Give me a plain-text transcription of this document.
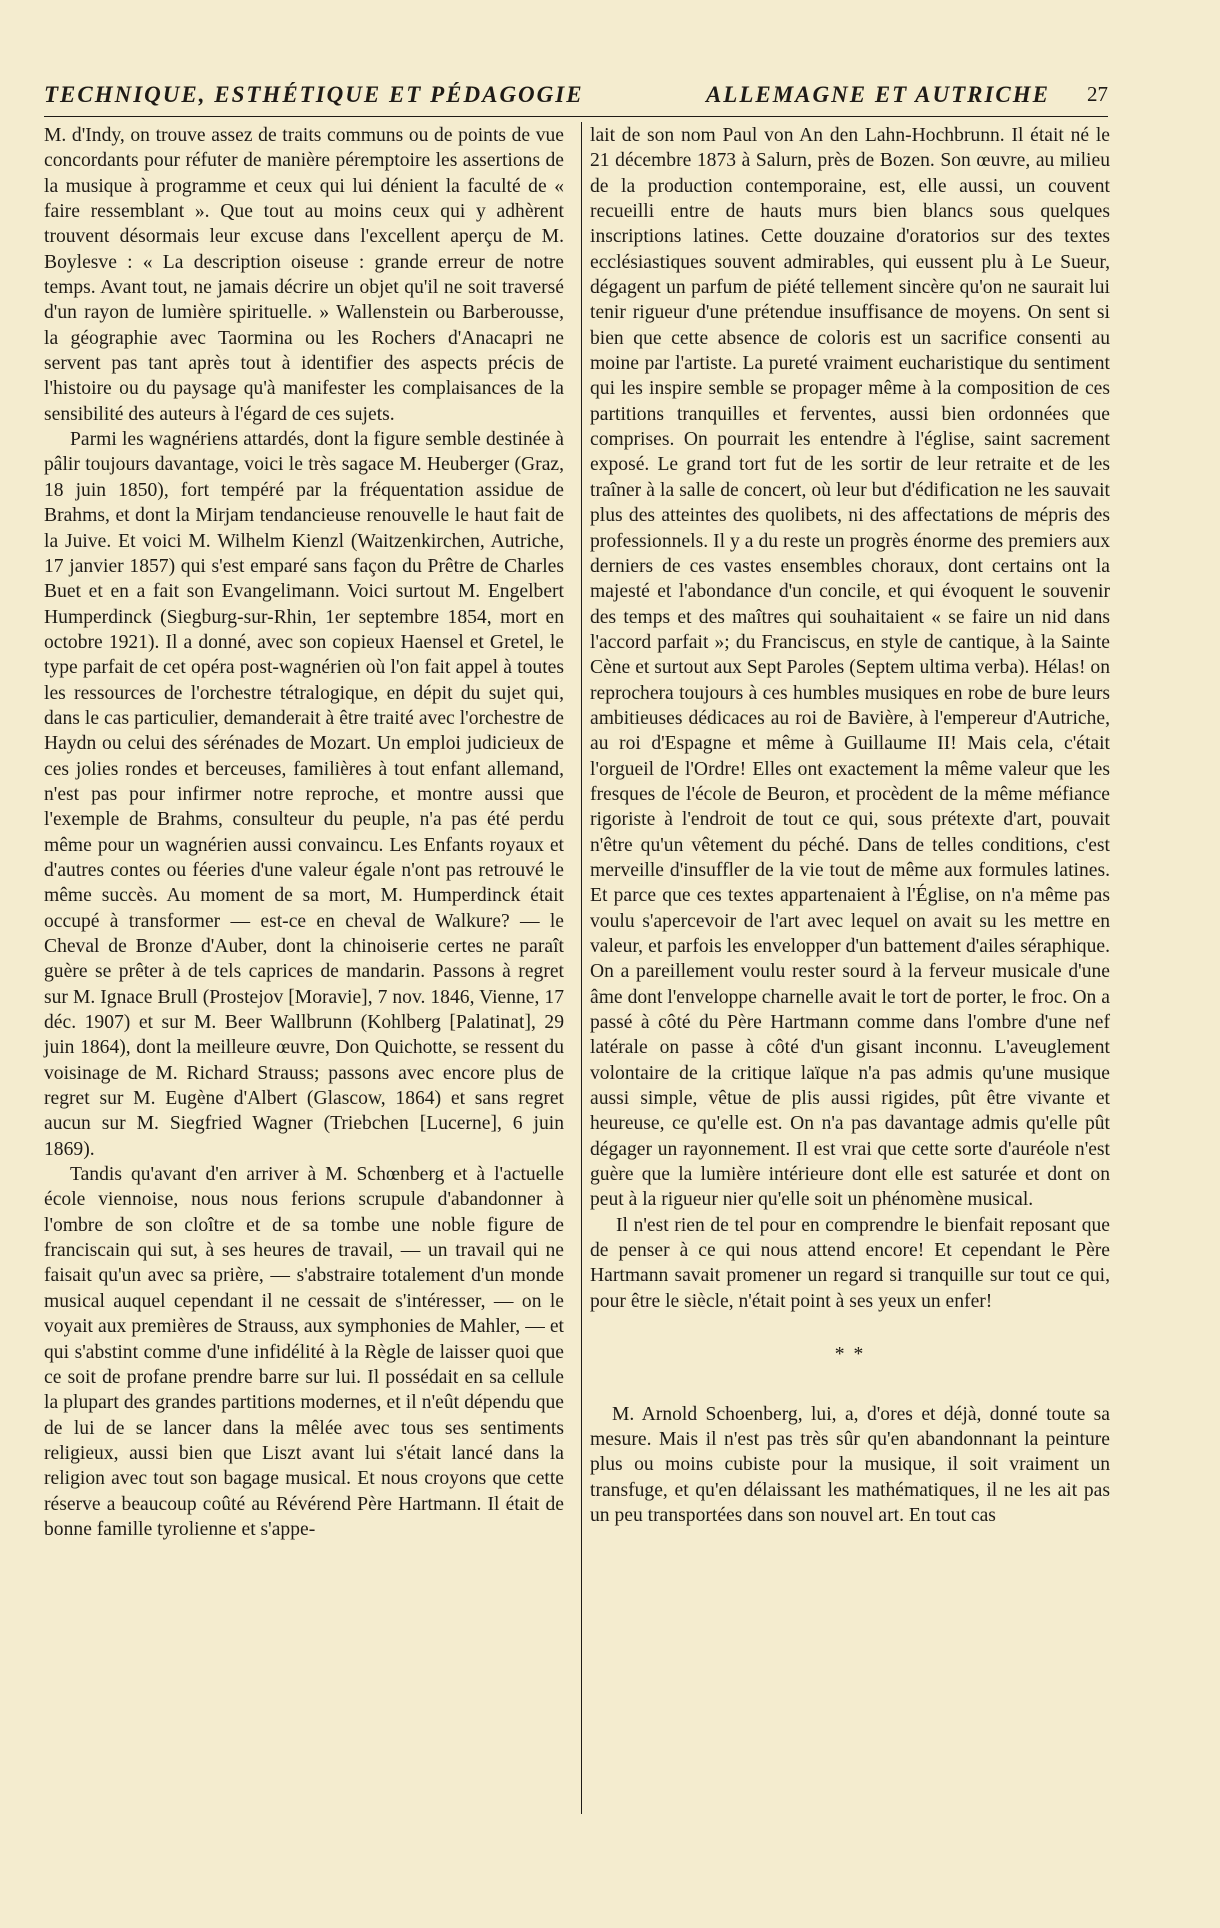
TECHNIQUE, ESTHÉTIQUE ET PÉDAGOGIE	ALLEMAGNE ET AUTRICHE 27

M. d'Indy, on trouve assez de traits communs ou de points de vue concordants pour réfuter de manière péremptoire les assertions de la musique à programme et ceux qui lui dénient la faculté de « faire ressemblant ». Que tout au moins ceux qui y adhèrent trouvent désormais leur excuse dans l'excellent aperçu de M. Boylesve : « La description oiseuse : grande erreur de notre temps. Avant tout, ne jamais décrire un objet qu'il ne soit traversé d'un rayon de lumière spirituelle. » Wallenstein ou Barberousse, la géographie avec Taormina ou les Rochers d'Anacapri ne servent pas tant après tout à identifier des aspects précis de l'histoire ou du paysage qu'à manifester les complaisances de la sensibilité des auteurs à l'égard de ces sujets.

Parmi les wagnériens attardés, dont la figure semble destinée à pâlir toujours davantage, voici le très sagace M. Heuberger (Graz, 18 juin 1850), fort tempéré par la fréquentation assidue de Brahms, et dont la Mirjam tendancieuse renouvelle le haut fait de la Juive. Et voici M. Wilhelm Kienzl (Waitzenkirchen, Autriche, 17 janvier 1857) qui s'est emparé sans façon du Prêtre de Charles Buet et en a fait son Evangelimann. Voici surtout M. Engelbert Humperdinck (Siegburg-sur-Rhin, 1er septembre 1854, mort en octobre 1921). Il a donné, avec son copieux Haensel et Gretel, le type parfait de cet opéra post-wagnérien où l'on fait appel à toutes les ressources de l'orchestre tétralogique, en dépit du sujet qui, dans le cas particulier, demanderait à être traité avec l'orchestre de Haydn ou celui des sérénades de Mozart. Un emploi judicieux de ces jolies rondes et berceuses, familières à tout enfant allemand, n'est pas pour infirmer notre reproche, et montre aussi que l'exemple de Brahms, consulteur du peuple, n'a pas été perdu même pour un wagnérien aussi convaincu. Les Enfants royaux et d'autres contes ou féeries d'une valeur égale n'ont pas retrouvé le même succès. Au moment de sa mort, M. Humperdinck était occupé à transformer — est-ce en cheval de Walkure? — le Cheval de Bronze d'Auber, dont la chinoiserie certes ne paraît guère se prêter à de tels caprices de mandarin. Passons à regret sur M. Ignace Brull (Prostejov [Moravie], 7 nov. 1846, Vienne, 17 déc. 1907) et sur M. Beer Wallbrunn (Kohlberg [Palatinat], 29 juin 1864), dont la meilleure œuvre, Don Quichotte, se ressent du voisinage de M. Richard Strauss; passons avec encore plus de regret sur M. Eugène d'Albert (Glascow, 1864) et sans regret aucun sur M. Siegfried Wagner (Triebchen [Lucerne], 6 juin 1869).

Tandis qu'avant d'en arriver à M. Schœnberg et à l'actuelle école viennoise, nous nous ferions scrupule d'abandonner à l'ombre de son cloître et de sa tombe une noble figure de franciscain qui sut, à ses heures de travail, — un travail qui ne faisait qu'un avec sa prière, — s'abstraire totalement d'un monde musical auquel cependant il ne cessait de s'intéresser, — on le voyait aux premières de Strauss, aux symphonies de Mahler, — et qui s'abstint comme d'une infidélité à la Règle de laisser quoi que ce soit de profane prendre barre sur lui. Il possédait en sa cellule la plupart des grandes partitions modernes, et il n'eût dépendu que de lui de se lancer dans la mêlée avec tous ses sentiments religieux, aussi bien que Liszt avant lui s'était lancé dans la religion avec tout son bagage musical. Et nous croyons que cette réserve a beaucoup coûté au Révérend Père Hartmann. Il était de bonne famille tyrolienne et s'appe-

lait de son nom Paul von An den Lahn-Hochbrunn. Il était né le 21 décembre 1873 à Salurn, près de Bozen. Son œuvre, au milieu de la production contemporaine, est, elle aussi, un couvent recueilli entre de hauts murs bien blancs sous quelques inscriptions latines. Cette douzaine d'oratorios sur des textes ecclésiastiques souvent admirables, qui eussent plu à Le Sueur, dégagent un parfum de piété tellement sincère qu'on ne saurait lui tenir rigueur d'une prétendue insuffisance de moyens. On sent si bien que cette absence de coloris est un sacrifice consenti au moine par l'artiste. La pureté vraiment eucharistique du sentiment qui les inspire semble se propager même à la composition de ces partitions tranquilles et ferventes, aussi bien ordonnées que comprises. On pourrait les entendre à l'église, saint sacrement exposé. Le grand tort fut de les sortir de leur retraite et de les traîner à la salle de concert, où leur but d'édification ne les sauvait plus des atteintes des quolibets, ni des affectations de mépris des professionnels. Il y a du reste un progrès énorme des premiers aux derniers de ces vastes ensembles choraux, dont certains ont la majesté et l'abondance d'un concile, et qui évoquent le souvenir des temps et des maîtres qui souhaitaient « se faire un nid dans l'accord parfait »; du Franciscus, en style de cantique, à la Sainte Cène et surtout aux Sept Paroles (Septem ultima verba). Hélas! on reprochera toujours à ces humbles musiques en robe de bure leurs ambitieuses dédicaces au roi de Bavière, à l'empereur d'Autriche, au roi d'Espagne et même à Guillaume II! Mais cela, c'était l'orgueil de l'Ordre! Elles ont exactement la même valeur que les fresques de l'école de Beuron, et procèdent de la même méfiance rigoriste à l'endroit de tout ce qui, sous prétexte d'art, pouvait n'être qu'un vêtement du péché. Dans de telles conditions, c'est merveille d'insuffler de la vie tout de même aux formules latines. Et parce que ces textes appartenaient à l'Église, on n'a même pas voulu s'apercevoir de l'art avec lequel on avait su les mettre en valeur, et parfois les envelopper d'un battement d'ailes séraphique. On a pareillement voulu rester sourd à la ferveur musicale d'une âme dont l'enveloppe charnelle avait le tort de porter, le froc. On a passé à côté du Père Hartmann comme dans l'ombre d'une nef latérale on passe à côté d'un gisant inconnu. L'aveuglement volontaire de la critique laïque n'a pas admis qu'une musique aussi simple, vêtue de plis aussi rigides, pût être vivante et heureuse, ce qu'elle est. On n'a pas davantage admis qu'elle pût dégager un rayonnement. Il est vrai que cette sorte d'auréole n'est guère que la lumière intérieure dont elle est saturée et dont on peut à la rigueur nier qu'elle soit un phénomène musical.

Il n'est rien de tel pour en comprendre le bienfait reposant que de penser à ce qui nous attend encore! Et cependant le Père Hartmann savait promener un regard si tranquille sur tout ce qui, pour être le siècle, n'était point à ses yeux un enfer!

* *

M. Arnold Schoenberg, lui, a, d'ores et déjà, donné toute sa mesure. Mais il n'est pas très sûr qu'en abandonnant la peinture plus ou moins cubiste pour la musique, il soit vraiment un transfuge, et qu'en délaissant les mathématiques, il ne les ait pas un peu transportées dans son nouvel art. En tout cas
